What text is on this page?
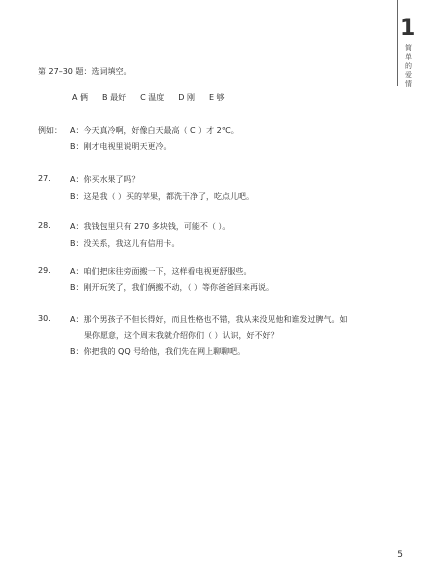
1
简单的爱情
第 27–30 题：选词填空。
A 俩 B 最好 C 温度 D 刚 E 够
例如： A：今天真冷啊，好像白天最高（ C ）才 2℃。
B：刚才电视里说明天更冷。
27. A：你买水果了吗？
B：这是我（ ）买的苹果，都洗干净了，吃点儿吧。
28. A：我钱包里只有 270 多块钱，可能不（ ）。
B：没关系，我这儿有信用卡。
29. A：咱们把床往旁面搬一下，这样看电视更舒服些。
B：刚开玩笑了，我们俩搬不动，（ ）等你爸爸回来再说。
30. A：那个男孩子不但长得好，而且性格也不错，我从来没见他和谁发过脾气。如
果你愿意，这个周末我就介绍你们（ ）认识，好不好？
B：你把我的 QQ 号给他，我们先在网上聊聊吧。
5
